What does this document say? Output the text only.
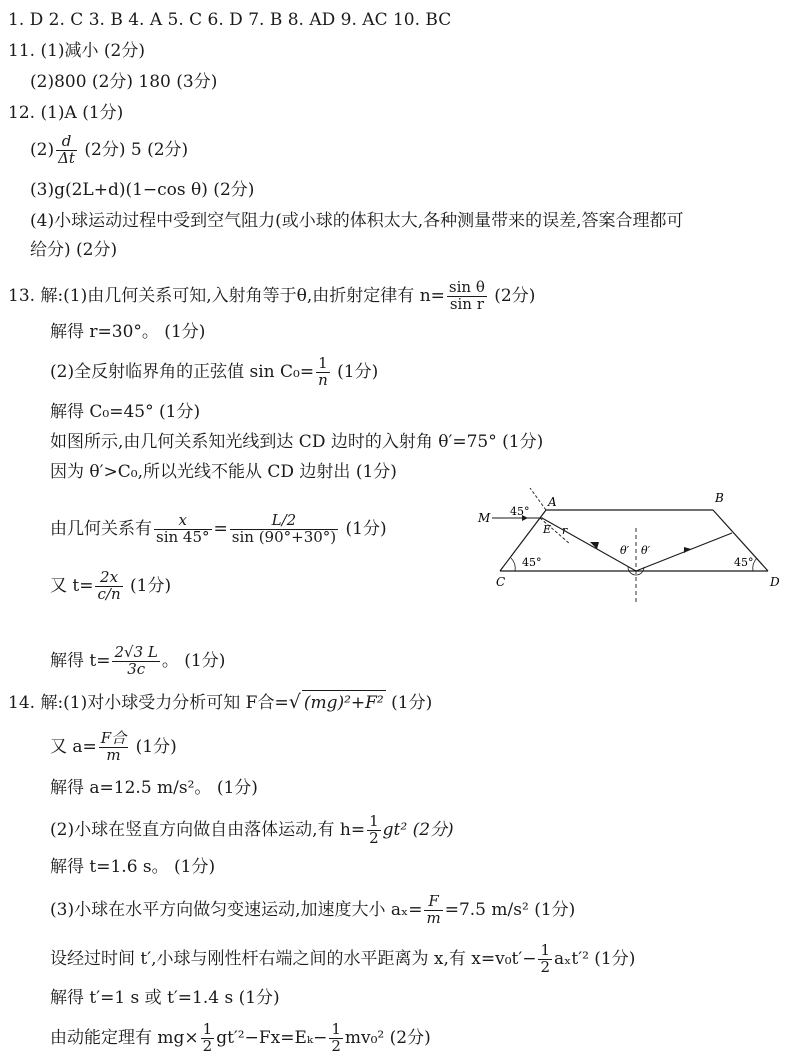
1. D 2. C 3. B 4. A 5. C 6. D 7. B 8. AD 9. AC 10. BC
11. (1)减小 (2分)
(2)800 (2分) 180 (3分)
12. (1)A (1分)
$(2) \frac{d}{\Delta t} (2$分) 5 (2分)
(3)g(2L+d)(1−cos θ) (2分)
(4)小球运动过程中受到空气阻力(或小球的体积太大,各种测量带来的误差,答案合理都可
给分) (2分)
13. 解:(1)由几何关系可知,入射角等于θ,由折射定律有 $n= \frac{\text{sin θ}}{\text{sin r}} (2$分)
解得 r=30°。 (1分)
(2)全反射临界角的正弦值 $\sin C_0= \frac{1}{n} (1$分)
解得 C₀=45° (1分)
如图所示,由几何关系知光线到达 CD 边时的入射角 θ′=75° (1分)
因为 θ′>C₀,所以光线不能从 CD 边射出 (1分)
由几何关系有 $\frac{x}{\sin 45^\circ} = \frac{L/2}{\sin (90^\circ+30^\circ)} (1$分)
又 $t= \frac{2x}{c/n} (1$分)
解得 $t= \frac{2√3 L}{3c}$ 。 (1分)
M
A	B
C	D
E
45°
45°	45°
θ′ θ′
r
14. 解:(1)对小球受力分析可知 F合=√ (mg)²+F² (1分)
又 $a= \frac{\text{F合}}{m} (1$分)
解得 a=12.5 m/s²。 (1分)
(2)小球在竖直方向做自由落体运动,有 $h= \frac{1}{2} gt^2$ (2分)
解得 t=1.6 s。 (1分)
(3)小球在水平方向做匀变速运动,加速度大小 $a_x= \frac{F}{m} =7.5$ m/s² (1分)
设经过时间 t′,小球与刚性杆右端之间的水平距离为 x,有 $x=v_0t'- \frac{1}{2} a_xt'^2$ (1分)
解得 t′=1 s 或 t′=1.4 s (1分)
由动能定理有 $mg\times \frac{1}{2} gt'^2-Fx=E_k- \frac{1}{2} mv_0^2$ (2分)
